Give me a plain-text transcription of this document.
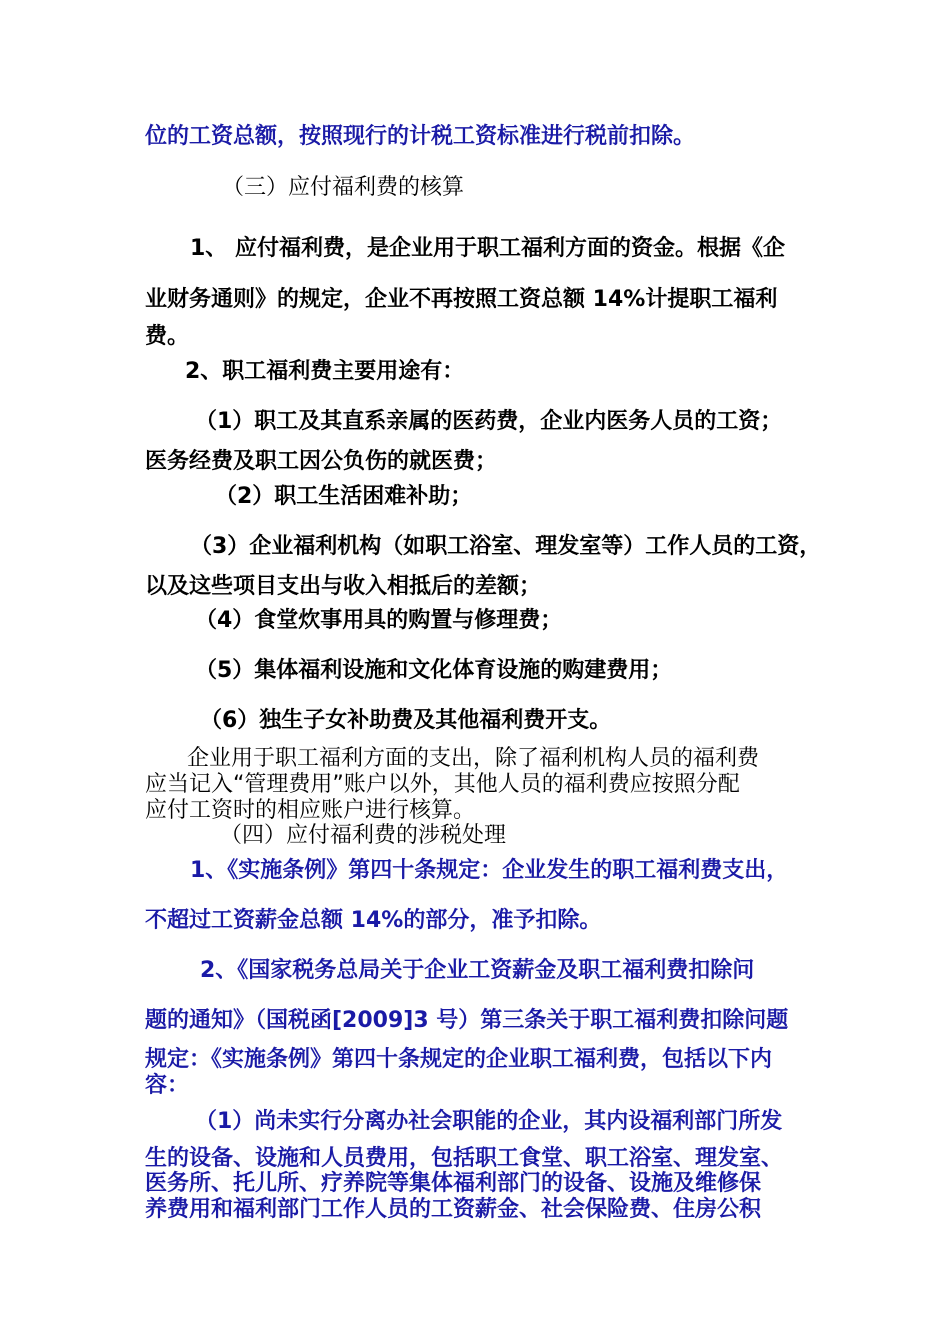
位的工资总额，按照现行的计税工资标准进行税前扣除。
（三）应付福利费的核算
1、 应付福利费，是企业用于职工福利方面的资金。根据《企
业财务通则》的规定，企业不再按照工资总额 14%计提职工福利
费。
2、职工福利费主要用途有：
（1）职工及其直系亲属的医药费，企业内医务人员的工资；
医务经费及职工因公负伤的就医费；
（2）职工生活困难补助；
（3）企业福利机构（如职工浴室、理发室等）工作人员的工资，
以及这些项目支出与收入相抵后的差额；
（4）食堂炊事用具的购置与修理费；
（5）集体福利设施和文化体育设施的购建费用；
（6）独生子女补助费及其他福利费开支。
企业用于职工福利方面的支出，除了福利机构人员的福利费
应当记入“管理费用”账户以外，其他人员的福利费应按照分配
应付工资时的相应账户进行核算。
（四）应付福利费的涉税处理
1、《实施条例》第四十条规定：企业发生的职工福利费支出，
不超过工资薪金总额 14%的部分，准予扣除。
2、《国家税务总局关于企业工资薪金及职工福利费扣除问
题的通知》（国税函[2009]3 号）第三条关于职工福利费扣除问题
规定：《实施条例》第四十条规定的企业职工福利费，包括以下内
容：
（1）尚未实行分离办社会职能的企业，其内设福利部门所发
生的设备、设施和人员费用，包括职工食堂、职工浴室、理发室、
医务所、托儿所、疗养院等集体福利部门的设备、设施及维修保
养费用和福利部门工作人员的工资薪金、社会保险费、住房公积
